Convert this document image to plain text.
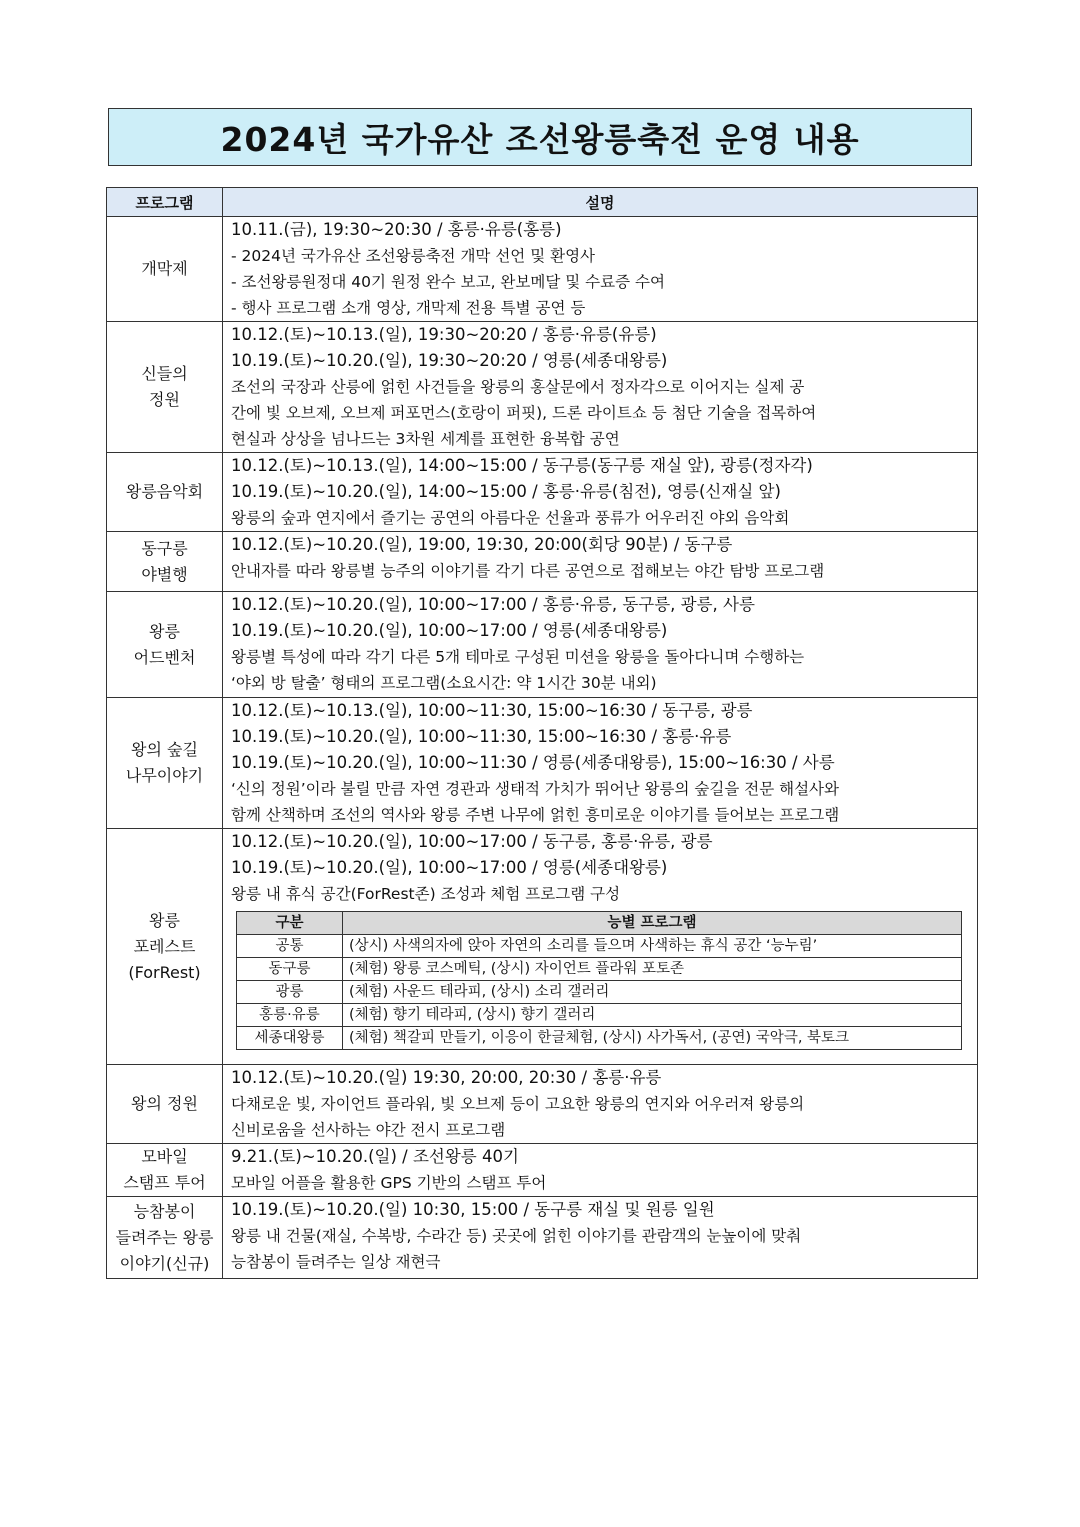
2024년 국가유산 조선왕릉축전 운영 내용
프로그램	설명

개막제

10.11.(금), 19:30~20:30 / 홍릉·유릉(홍릉)
- 2024년 국가유산 조선왕릉축전 개막 선언 및 환영사
- 조선왕릉원정대 40기 원정 완수 보고, 완보메달 및 수료증 수여
- 행사 프로그램 소개 영상, 개막제 전용 특별 공연 등

신들의
정원

10.12.(토)~10.13.(일), 19:30~20:20 / 홍릉·유릉(유릉)
10.19.(토)~10.20.(일), 19:30~20:20 / 영릉(세종대왕릉)
조선의 국장과 산릉에 얽힌 사건들을 왕릉의 홍살문에서 정자각으로 이어지는 실제 공
간에 빛 오브제, 오브제 퍼포먼스(호랑이 퍼핏), 드론 라이트쇼 등 첨단 기술을 접목하여
현실과 상상을 넘나드는 3차원 세계를 표현한 융복합 공연

왕릉음악회

10.12.(토)~10.13.(일), 14:00~15:00 / 동구릉(동구릉 재실 앞), 광릉(정자각)
10.19.(토)~10.20.(일), 14:00~15:00 / 홍릉·유릉(침전), 영릉(신재실 앞)
왕릉의 숲과 연지에서 즐기는 공연의 아름다운 선율과 풍류가 어우러진 야외 음악회

동구릉
야별행

10.12.(토)~10.20.(일), 19:00, 19:30, 20:00(회당 90분) / 동구릉
안내자를 따라 왕릉별 능주의 이야기를 각기 다른 공연으로 접해보는 야간 탐방 프로그램

왕릉
어드벤처

10.12.(토)~10.20.(일), 10:00~17:00 / 홍릉·유릉, 동구릉, 광릉, 사릉
10.19.(토)~10.20.(일), 10:00~17:00 / 영릉(세종대왕릉)
왕릉별 특성에 따라 각기 다른 5개 테마로 구성된 미션을 왕릉을 돌아다니며 수행하는
‘야외 방 탈출’ 형태의 프로그램(소요시간: 약 1시간 30분 내외)

왕의 숲길
나무이야기

10.12.(토)~10.13.(일), 10:00~11:30, 15:00~16:30 / 동구릉, 광릉
10.19.(토)~10.20.(일), 10:00~11:30, 15:00~16:30 / 홍릉·유릉
10.19.(토)~10.20.(일), 10:00~11:30 / 영릉(세종대왕릉), 15:00~16:30 / 사릉
‘신의 정원’이라 불릴 만큼 자연 경관과 생태적 가치가 뛰어난 왕릉의 숲길을 전문 해설사와
함께 산책하며 조선의 역사와 왕릉 주변 나무에 얽힌 흥미로운 이야기를 들어보는 프로그램

왕릉
포레스트
(ForRest)

10.12.(토)~10.20.(일), 10:00~17:00 / 동구릉, 홍릉·유릉, 광릉
10.19.(토)~10.20.(일), 10:00~17:00 / 영릉(세종대왕릉)
왕릉 내 휴식 공간(ForRest존) 조성과 체험 프로그램 구성
구분	능별 프로그램
공통	(상시) 사색의자에 앉아 자연의 소리를 들으며 사색하는 휴식 공간 ‘능누림’
동구릉	(체험) 왕릉 코스메틱, (상시) 자이언트 플라워 포토존
광릉	(체험) 사운드 테라피, (상시) 소리 갤러리
홍릉·유릉	(체험) 향기 테라피, (상시) 향기 갤러리
세종대왕릉	(체험) 책갈피 만들기, 이응이 한글체험, (상시) 사가독서, (공연) 국악극, 북토크

왕의 정원

10.12.(토)~10.20.(일) 19:30, 20:00, 20:30 / 홍릉·유릉
다채로운 빛, 자이언트 플라워, 빛 오브제 등이 고요한 왕릉의 연지와 어우러져 왕릉의
신비로움을 선사하는 야간 전시 프로그램

모바일
스탬프 투어

9.21.(토)~10.20.(일) / 조선왕릉 40기
모바일 어플을 활용한 GPS 기반의 스탬프 투어

능참봉이
들려주는 왕릉
이야기(신규)

10.19.(토)~10.20.(일) 10:30, 15:00 / 동구릉 재실 및 원릉 일원
왕릉 내 건물(재실, 수복방, 수라간 등) 곳곳에 얽힌 이야기를 관람객의 눈높이에 맞춰
능참봉이 들려주는 일상 재현극
